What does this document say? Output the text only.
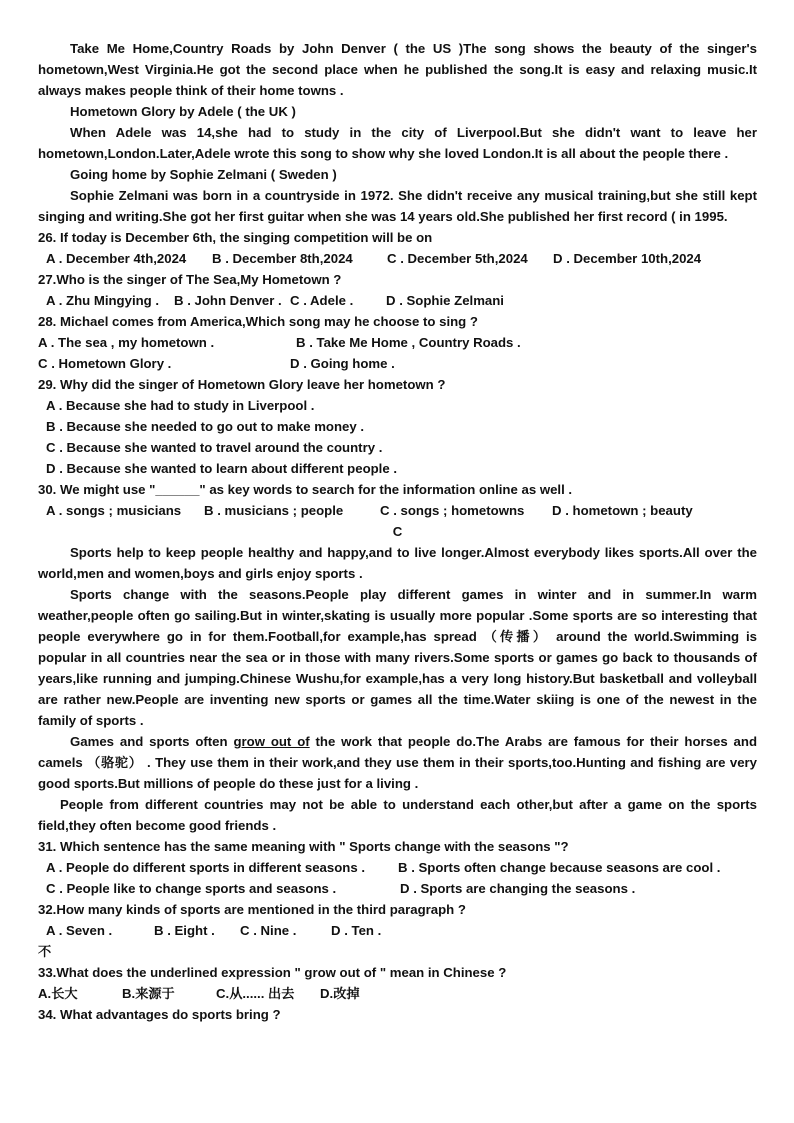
Take Me Home,Country Roads by John Denver ( the US )The song shows the beauty of the singer's hometown,West Virginia.He got the second place when he published the song.It is easy and relaxing music.It always makes people think of their home towns .

Hometown Glory by Adele ( the UK )

When Adele was 14,she had to study in the city of Liverpool.But she didn't want to leave her hometown,London.Later,Adele wrote this song to show why she loved London.It is all about the people there .

Going home by Sophie Zelmani ( Sweden )

Sophie Zelmani was born in a countryside in 1972. She didn't receive any musical training,but she still kept singing and writing.She got her first guitar when she was 14 years old.She published her first record ( in 1995.

26. If today is December 6th, the singing competition will be on

A . December 4th,2024	B . December 8th,2024	C . December 5th,2024	D . December 10th,2024

27.Who is the singer of The Sea,My Hometown ?

A . Zhu Mingying .	B . John Denver . C . Adele .	D . Sophie Zelmani

28. Michael comes from America,Which song may he choose to sing ?

A . The sea , my hometown .	B . Take Me Home , Country Roads .
C . Hometown Glory .	D . Going home .

29. Why did the singer of Hometown Glory leave her hometown ?

A . Because she had to study in Liverpool .

B . Because she needed to go out to make money .

C . Because she wanted to travel around the country .

D . Because she wanted to learn about different people .

30. We might use "______" as key words to search for the information online as well .

A . songs ; musicians	B . musicians ; people	C . songs ; hometowns	D . hometown ; beauty

C

Sports help to keep people healthy and happy,and to live longer.Almost everybody likes sports.All over the world,men and women,boys and girls enjoy sports .

Sports change with the seasons.People play different games in winter and in summer.In warm weather,people often go sailing.But in winter,skating is usually more popular .Some sports are so interesting that people everywhere go in for them.Football,for example,has spread （传播） around the world.Swimming is popular in all countries near the sea or in those with many rivers.Some sports or games go back to thousands of years,like running and jumping.Chinese Wushu,for example,has a very long history.But basketball and volleyball are rather new.People are inventing new sports or games all the time.Water skiing is one of the newest in the family of sports .

Games and sports often grow out of the work that people do.The Arabs are famous for their horses and camels （骆驼） . They use them in their work,and they use them in their sports,too.Hunting and fishing are very good sports.But millions of people do these just for a living .

People from different countries may not be able to understand each other,but after a game on the sports field,they often become good friends .

31. Which sentence has the same meaning with " Sports change with the seasons "?

A . People do different sports in different seasons .	B . Sports often change because seasons are cool .
C . People like to change sports and seasons .	D . Sports are changing the seasons .

32.How many kinds of sports are mentioned in the third paragraph ?

A . Seven .	B . Eight .	C . Nine .	D . Ten .

不

33.What does the underlined expression " grow out of " mean in Chinese ?

A.长大	B.来源于	C.从...... 出去	D.改掉

34. What advantages do sports bring ?
